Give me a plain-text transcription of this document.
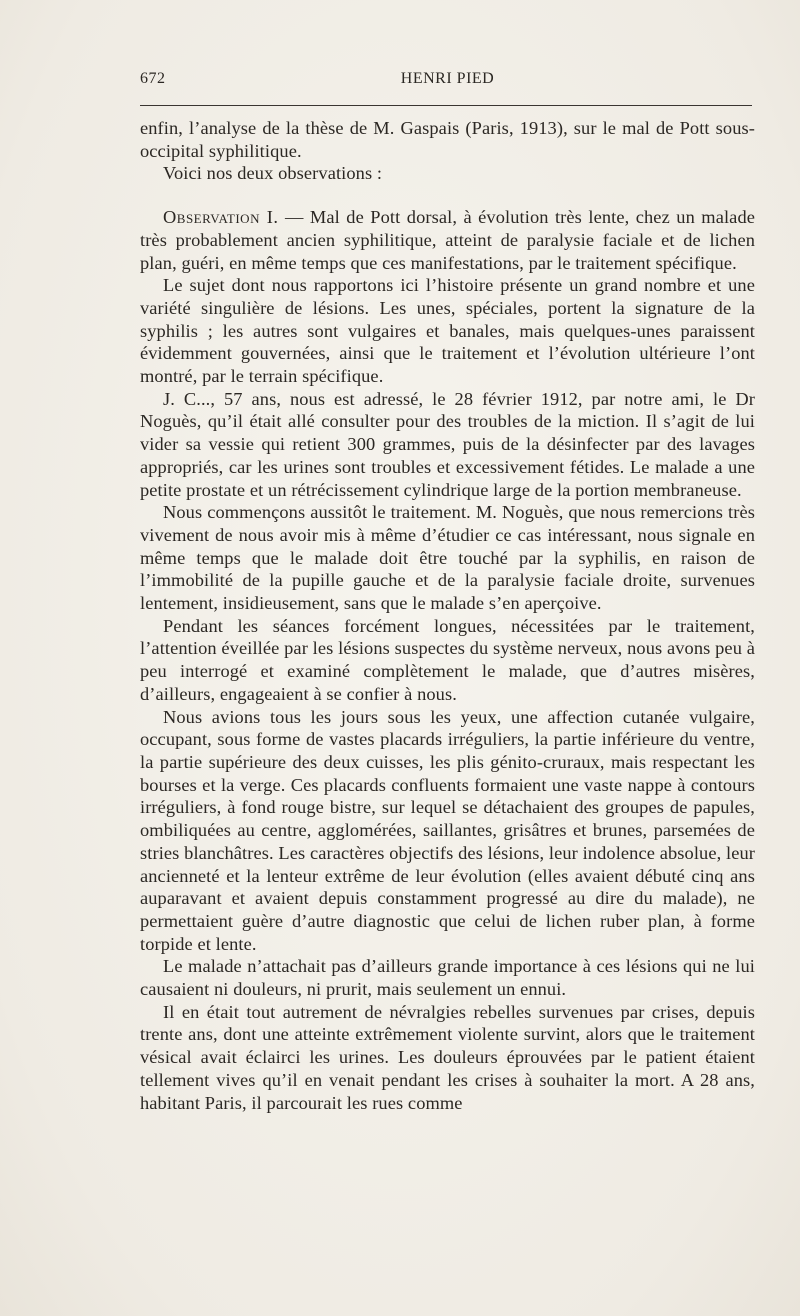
672	HENRI PIED

enfin, l’analyse de la thèse de M. Gaspais (Paris, 1913), sur le mal de Pott sous-occipital syphilitique.

Voici nos deux observations :

Observation I. — Mal de Pott dorsal, à évolution très lente, chez un malade très probablement ancien syphilitique, atteint de paralysie faciale et de lichen plan, guéri, en même temps que ces manifestations, par le traitement spécifique.

Le sujet dont nous rapportons ici l’histoire présente un grand nombre et une variété singulière de lésions. Les unes, spéciales, portent la signature de la syphilis ; les autres sont vulgaires et banales, mais quelques-unes paraissent évidemment gouvernées, ainsi que le traitement et l’évolution ultérieure l’ont montré, par le terrain spécifique.

J. C..., 57 ans, nous est adressé, le 28 février 1912, par notre ami, le Dr Noguès, qu’il était allé consulter pour des troubles de la miction. Il s’agit de lui vider sa vessie qui retient 300 grammes, puis de la désinfecter par des lavages appropriés, car les urines sont troubles et excessivement fétides. Le malade a une petite prostate et un rétrécissement cylindrique large de la portion membraneuse.

Nous commençons aussitôt le traitement. M. Noguès, que nous remercions très vivement de nous avoir mis à même d’étudier ce cas intéressant, nous signale en même temps que le malade doit être touché par la syphilis, en raison de l’immobilité de la pupille gauche et de la paralysie faciale droite, survenues lentement, insidieusement, sans que le malade s’en aperçoive.

Pendant les séances forcément longues, nécessitées par le traitement, l’attention éveillée par les lésions suspectes du système nerveux, nous avons peu à peu interrogé et examiné complètement le malade, que d’autres misères, d’ailleurs, engageaient à se confier à nous.

Nous avions tous les jours sous les yeux, une affection cutanée vulgaire, occupant, sous forme de vastes placards irréguliers, la partie inférieure du ventre, la partie supérieure des deux cuisses, les plis génito-cruraux, mais respectant les bourses et la verge. Ces placards confluents formaient une vaste nappe à contours irréguliers, à fond rouge bistre, sur lequel se détachaient des groupes de papules, ombiliquées au centre, agglomérées, saillantes, grisâtres et brunes, parsemées de stries blanchâtres. Les caractères objectifs des lésions, leur indolence absolue, leur ancienneté et la lenteur extrême de leur évolution (elles avaient débuté cinq ans auparavant et avaient depuis constamment progressé au dire du malade), ne permettaient guère d’autre diagnostic que celui de lichen ruber plan, à forme torpide et lente.

Le malade n’attachait pas d’ailleurs grande importance à ces lésions qui ne lui causaient ni douleurs, ni prurit, mais seulement un ennui.

Il en était tout autrement de névralgies rebelles survenues par crises, depuis trente ans, dont une atteinte extrêmement violente survint, alors que le traitement vésical avait éclairci les urines. Les douleurs éprouvées par le patient étaient tellement vives qu’il en venait pendant les crises à souhaiter la mort. A 28 ans, habitant Paris, il parcourait les rues comme
